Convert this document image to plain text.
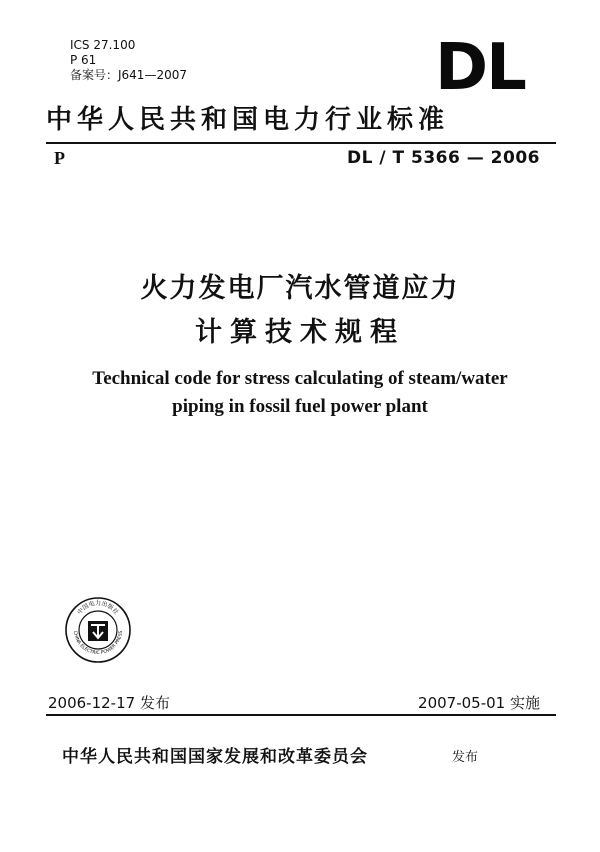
ICS 27.100
P 61
备案号：J641—2007	DL
中华人民共和国电力行业标准
P	DL / T 5366 — 2006
火力发电厂汽水管道应力
计算技术规程
Technical code for stress calculating of steam/water
piping in fossil fuel power plant
中国电力出版社
CHINA ELECTRIC POWER PRESS
2006-12-17 发布	2007-05-01 实施
中华人民共和国国家发展和改革委员会	发布
